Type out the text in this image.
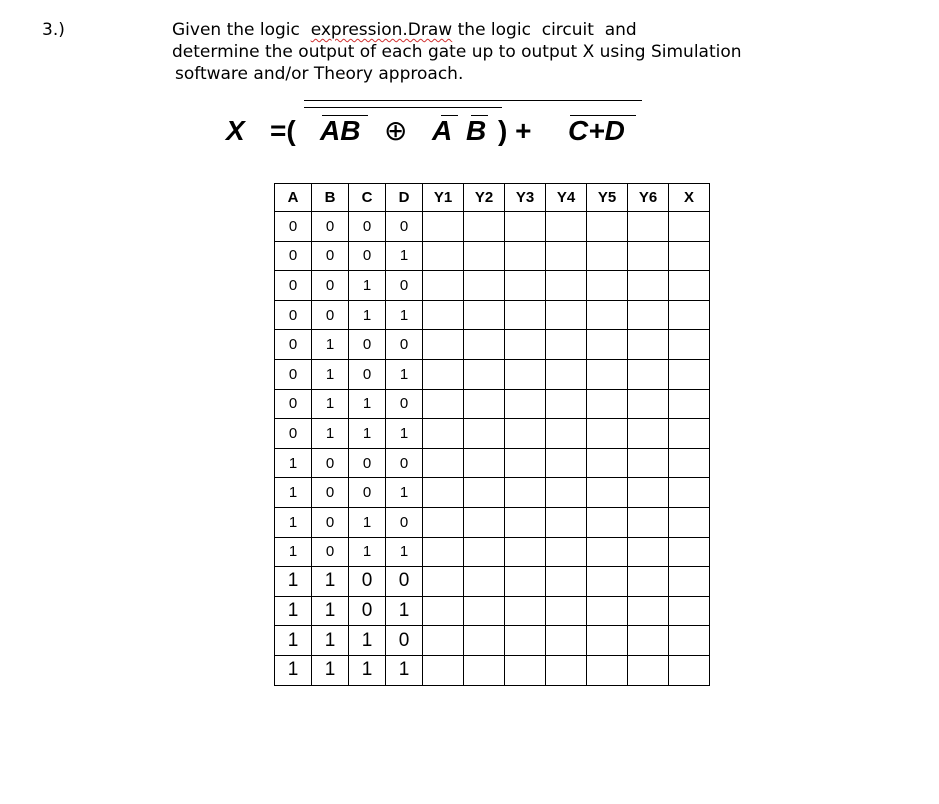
3.)	Given the logic  expression.Draw the logic  circuit  and
determine the output of each gate up to output X using Simulation
software and/or Theory approach.
X =( AB ⊕ A B ) + C+D
A	B	C	D	Y1	Y2	Y3	Y4	Y5	Y6	X
0	0	0	0							
0	0	0	1							
0	0	1	0							
0	0	1	1							
0	1	0	0							
0	1	0	1							
0	1	1	0							
0	1	1	1							
1	0	0	0							
1	0	0	1							
1	0	1	0							
1	0	1	1							
1	1	0	0							
1	1	0	1							
1	1	1	0							
1	1	1	1							
